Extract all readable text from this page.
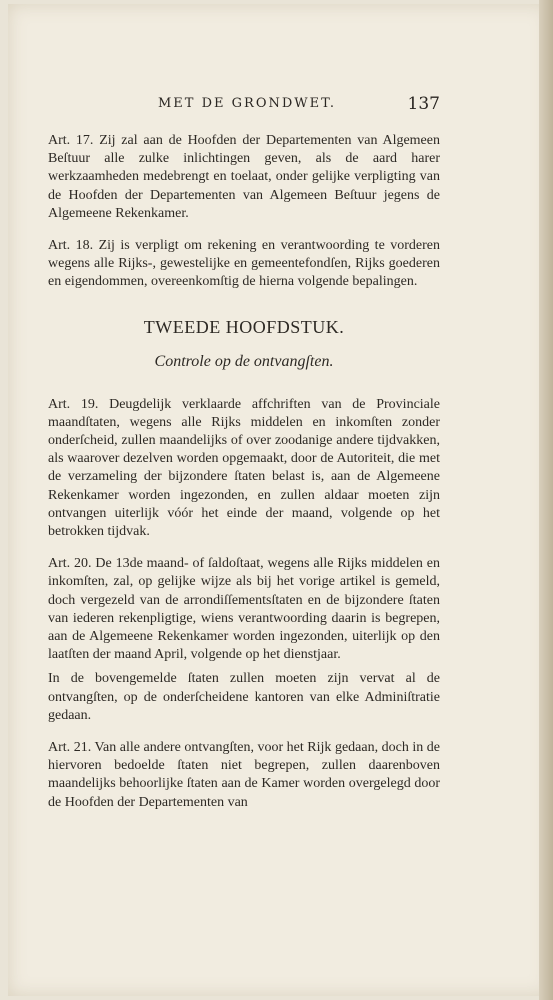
MET DE GRONDWET.	137

Art. 17. Zij zal aan de Hoofden der Departementen van Algemeen Beſtuur alle zulke inlichtingen geven, als de aard harer werkzaamheden medebrengt en toelaat, onder gelijke verpligting van de Hoofden der Departementen van Algemeen Beſtuur jegens de Algemeene Rekenkamer.

Art. 18. Zij is verpligt om rekening en verantwoording te vorderen wegens alle Rijks-, gewestelijke en gemeentefondſen, Rijks goederen en eigendommen, overeenkomſtig de hierna volgende bepalingen.

TWEEDE HOOFDSTUK.

Controle op de ontvangſten.

Art. 19. Deugdelijk verklaarde affchriften van de Provinciale maandſtaten, wegens alle Rijks middelen en inkomſten zonder onderſcheid, zullen maandelijks of over zoodanige andere tijdvakken, als waarover dezelven worden opgemaakt, door de Autoriteit, die met de verzameling der bijzondere ſtaten belast is, aan de Algemeene Rekenkamer worden ingezonden, en zullen aldaar moeten zijn ontvangen uiterlijk vóór het einde der maand, volgende op het betrokken tijdvak.

Art. 20. De 13de maand- of ſaldoſtaat, wegens alle Rijks middelen en inkomſten, zal, op gelijke wijze als bij het vorige artikel is gemeld, doch vergezeld van de arrondiſſementsſtaten en de bijzondere ſtaten van iederen rekenpligtige, wiens verantwoording daarin is begrepen, aan de Algemeene Rekenkamer worden ingezonden, uiterlijk op den laatſten der maand April, volgende op het dienstjaar.

In de bovengemelde ſtaten zullen moeten zijn vervat al de ontvangſten, op de onderſcheidene kantoren van elke Adminiſtratie gedaan.

Art. 21. Van alle andere ontvangſten, voor het Rijk gedaan, doch in de hiervoren bedoelde ſtaten niet begrepen, zullen daarenboven maandelijks behoorlijke ſtaten aan de Kamer worden overgelegd door de Hoofden der Departementen van
